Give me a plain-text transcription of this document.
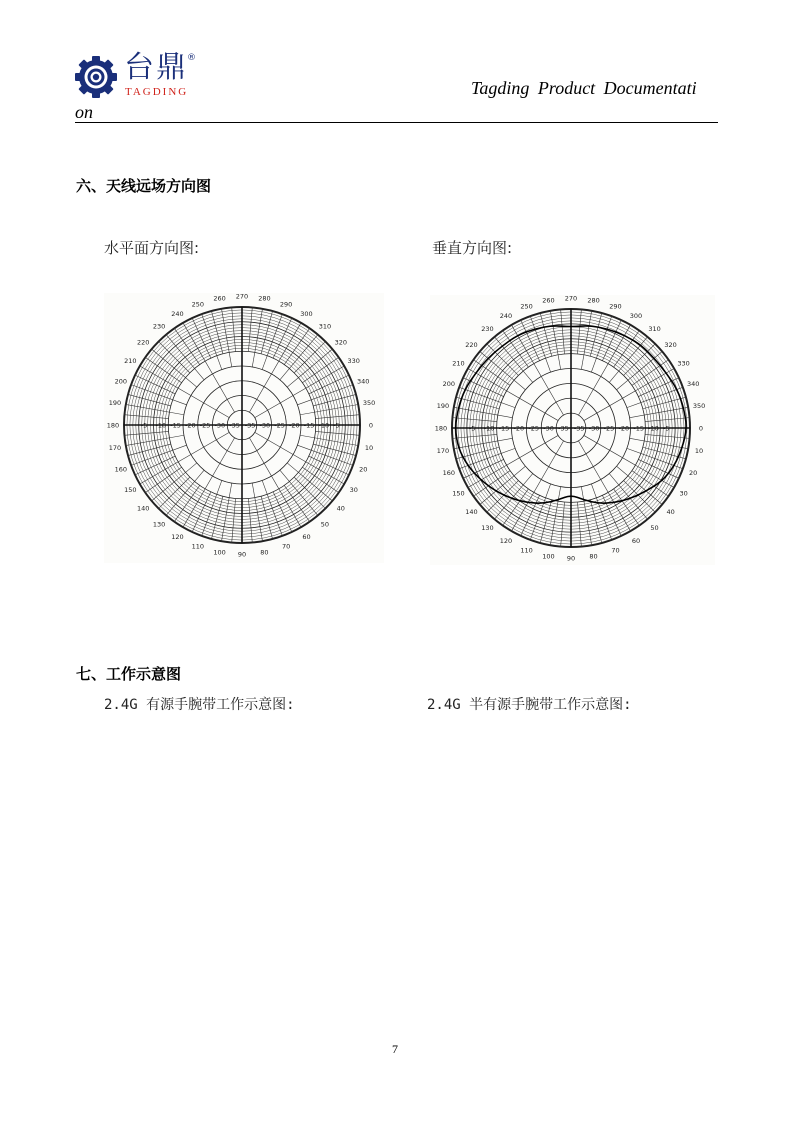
台鼎 ®
TAGDING	Tagding Product Documentati
on
六、天线远场方向图
水平面方向图:	垂直方向图:
-5
-5	-10
-10	-15
-15	-20
-20	-25
-25	-30
-30	-35
-35	0
10
20
30
40
50
60
70
80
90
100
110
120
130
140
150
160
170
180
190
200
210
220
230
240
250
260 270 280
290
300
310
320
330
340
350
-5
-5	-10
-10	-15
-15	-20
-20	-25
-25	-30
-30	-35
-35	0
10
20
30
40
50
60
70
80
90
100
110
120
130
140
150
160
170
180
190
200
210
220
230
240
250
260 270 280
290
300
310
320
330
340
350
七、工作示意图
2.4G 有源手腕带工作示意图:	2.4G 半有源手腕带工作示意图:
7
